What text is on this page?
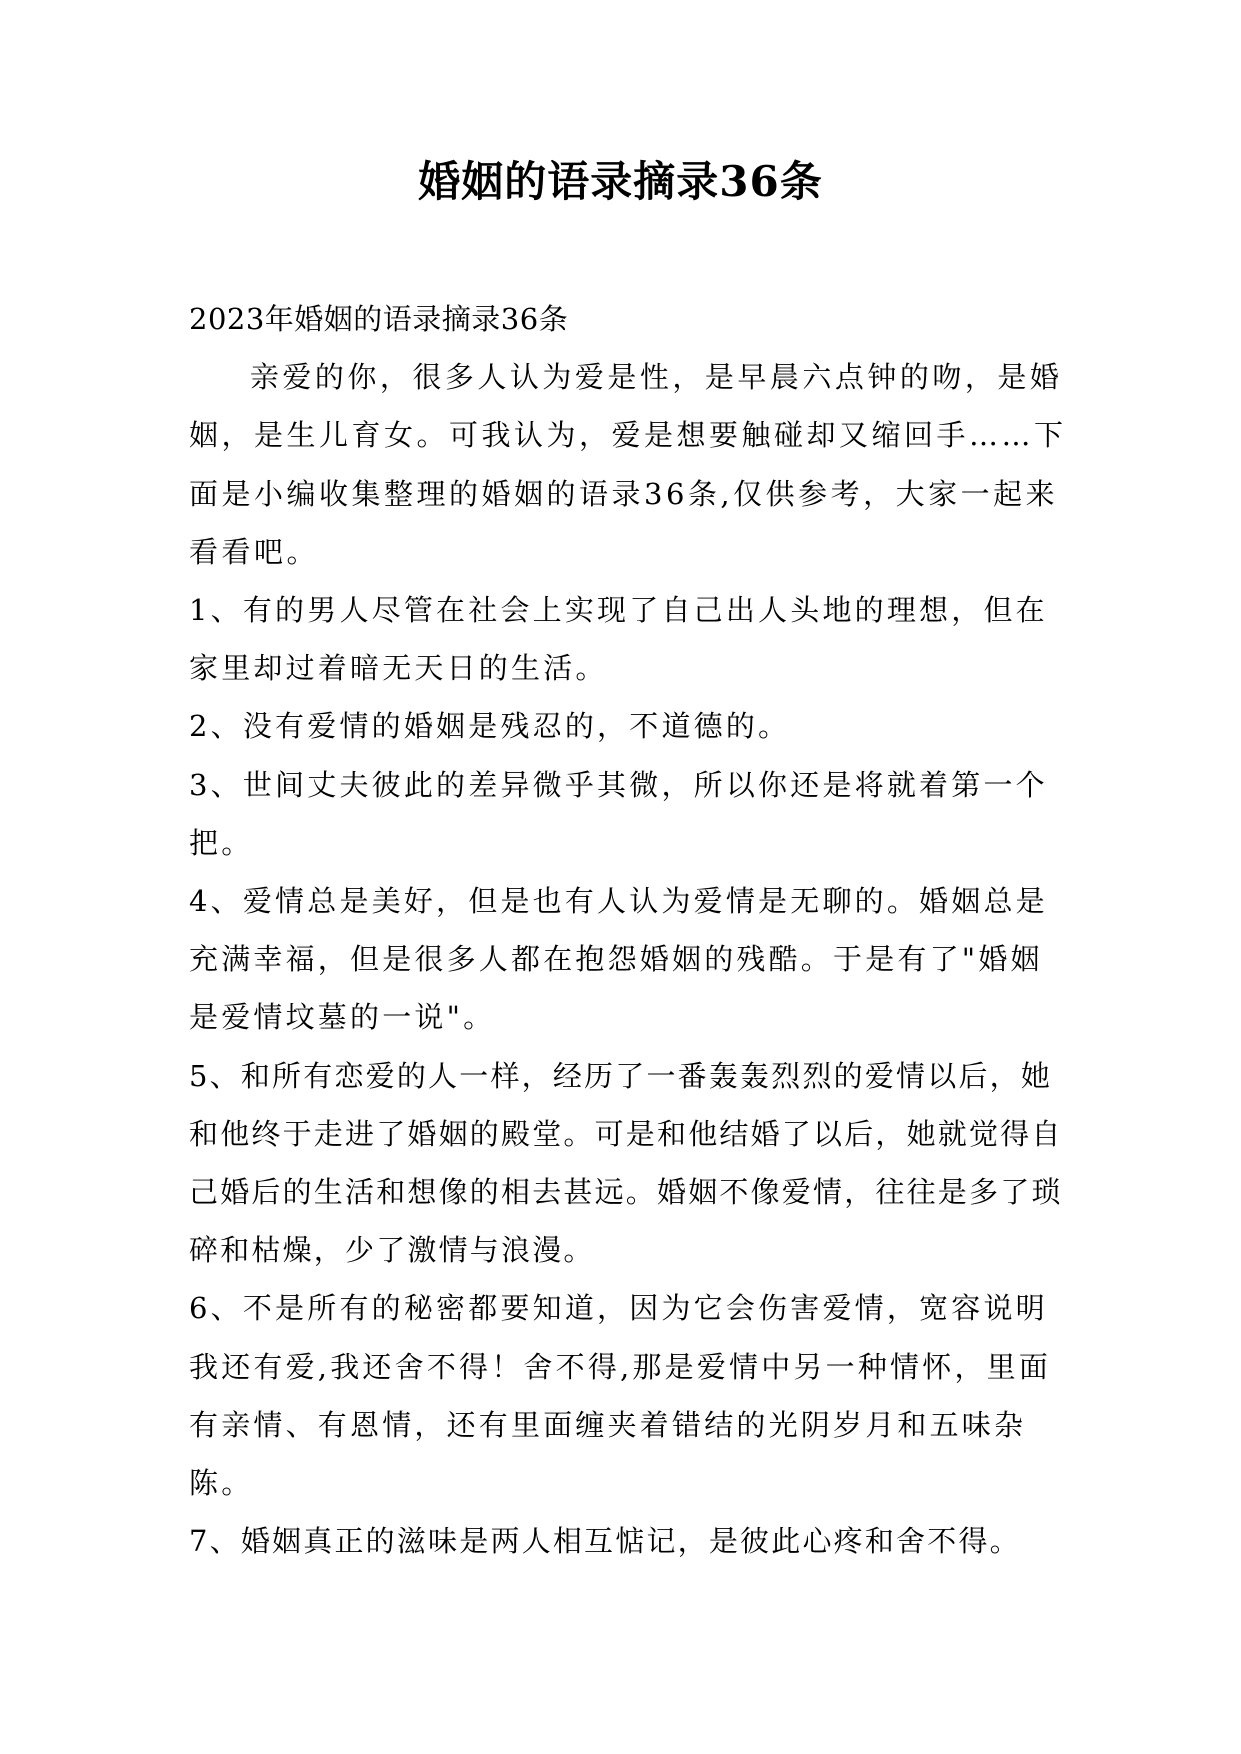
婚姻的语录摘录36条

2023年婚姻的语录摘录36条

亲爱的你，很多人认为爱是性，是早晨六点钟的吻，是婚姻，是生儿育女。可我认为，爱是想要触碰却又缩回手……下面是小编收集整理的婚姻的语录36条,仅供参考，大家一起来看看吧。

1、有的男人尽管在社会上实现了自己出人头地的理想，但在家里却过着暗无天日的生活。

2、没有爱情的婚姻是残忍的，不道德的。

3、世间丈夫彼此的差异微乎其微，所以你还是将就着第一个把。

4、爱情总是美好，但是也有人认为爱情是无聊的。婚姻总是充满幸福，但是很多人都在抱怨婚姻的残酷。于是有了"婚姻是爱情坟墓的一说"。

5、和所有恋爱的人一样，经历了一番轰轰烈烈的爱情以后，她和他终于走进了婚姻的殿堂。可是和他结婚了以后，她就觉得自己婚后的生活和想像的相去甚远。婚姻不像爱情，往往是多了琐碎和枯燥，少了激情与浪漫。

6、不是所有的秘密都要知道，因为它会伤害爱情，宽容说明我还有爱,我还舍不得！舍不得,那是爱情中另一种情怀，里面有亲情、有恩情，还有里面缠夹着错结的光阴岁月和五味杂陈。

7、婚姻真正的滋味是两人相互惦记，是彼此心疼和舍不得。
